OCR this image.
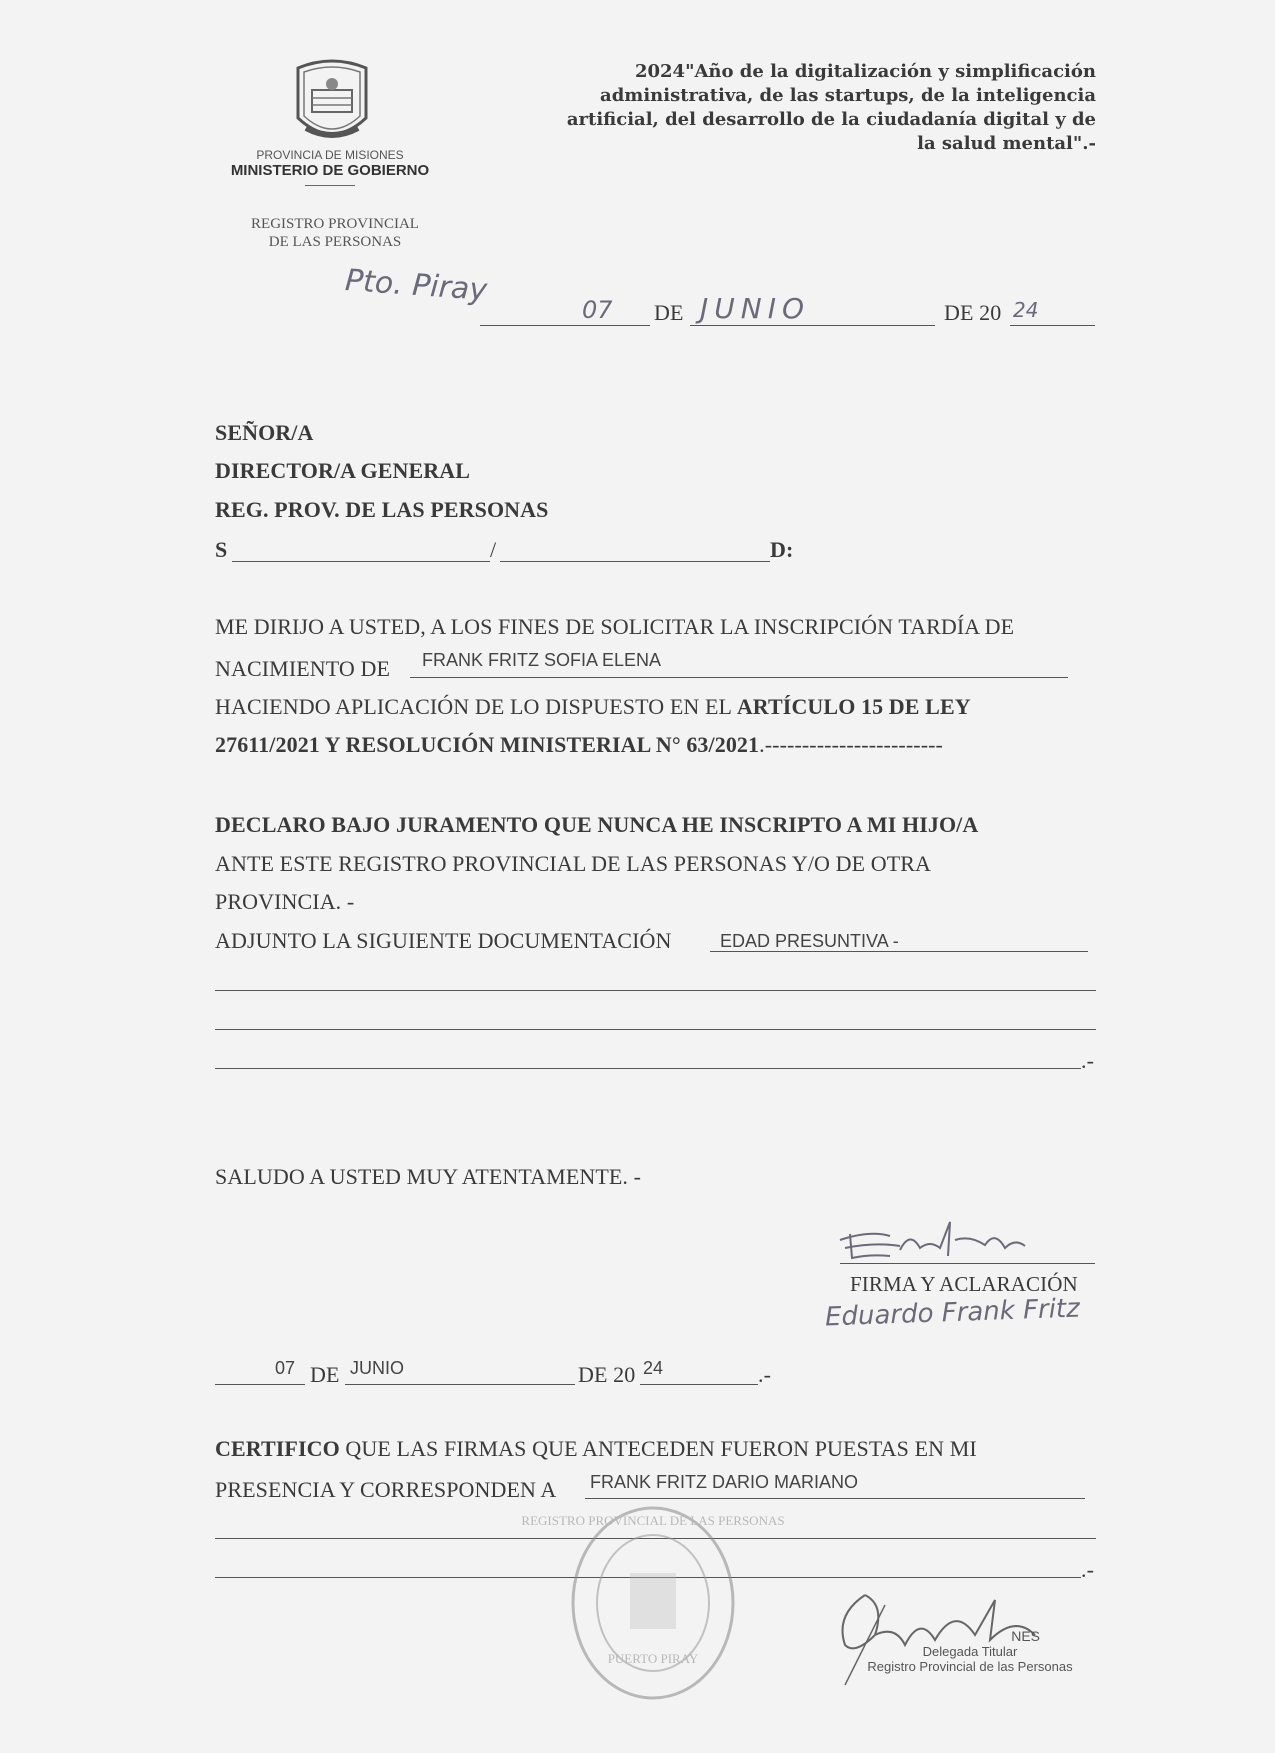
PROVINCIA DE MISIONES
MINISTERIO DE GOBIERNO
REGISTRO PROVINCIAL
DE LAS PERSONAS
2024"Año de la digitalización y simplificación administrativa, de las startups, de la inteligencia artificial, del desarrollo de la ciudadanía digital y de la salud mental".-
Pto. Piray
07 DE JUNIO	DE 20 24
SEÑOR/A
DIRECTOR/A GENERAL
REG. PROV. DE LAS PERSONAS
S	/	D:
ME DIRIJO A USTED, A LOS FINES DE SOLICITAR LA INSCRIPCIÓN TARDÍA DE
NACIMIENTO DE FRANK FRITZ SOFIA ELENA
HACIENDO APLICACIÓN DE LO DISPUESTO EN EL ARTÍCULO 15 DE LEY
27611/2021 Y RESOLUCIÓN MINISTERIAL N° 63/2021.------------------------
DECLARO BAJO JURAMENTO QUE NUNCA HE INSCRIPTO A MI HIJO/A
ANTE ESTE REGISTRO PROVINCIAL DE LAS PERSONAS Y/O DE OTRA
PROVINCIA. -
ADJUNTO LA SIGUIENTE DOCUMENTACIÓN	EDAD PRESUNTIVA -
.-
SALUDO A USTED MUY ATENTAMENTE. -
FIRMA Y ACLARACIÓN
Eduardo Frank Fritz
07 DE JUNIO	DE 20 24	.-
CERTIFICO QUE LAS FIRMAS QUE ANTECEDEN FUERON PUESTAS EN MI
PRESENCIA Y CORRESPONDEN A FRANK FRITZ DARIO MARIANO
.-
REGISTRO PROVINCIAL DE LAS PERSONAS
PUERTO PIRAY
NES
Delegada Titular
Registro Provincial de las Personas
